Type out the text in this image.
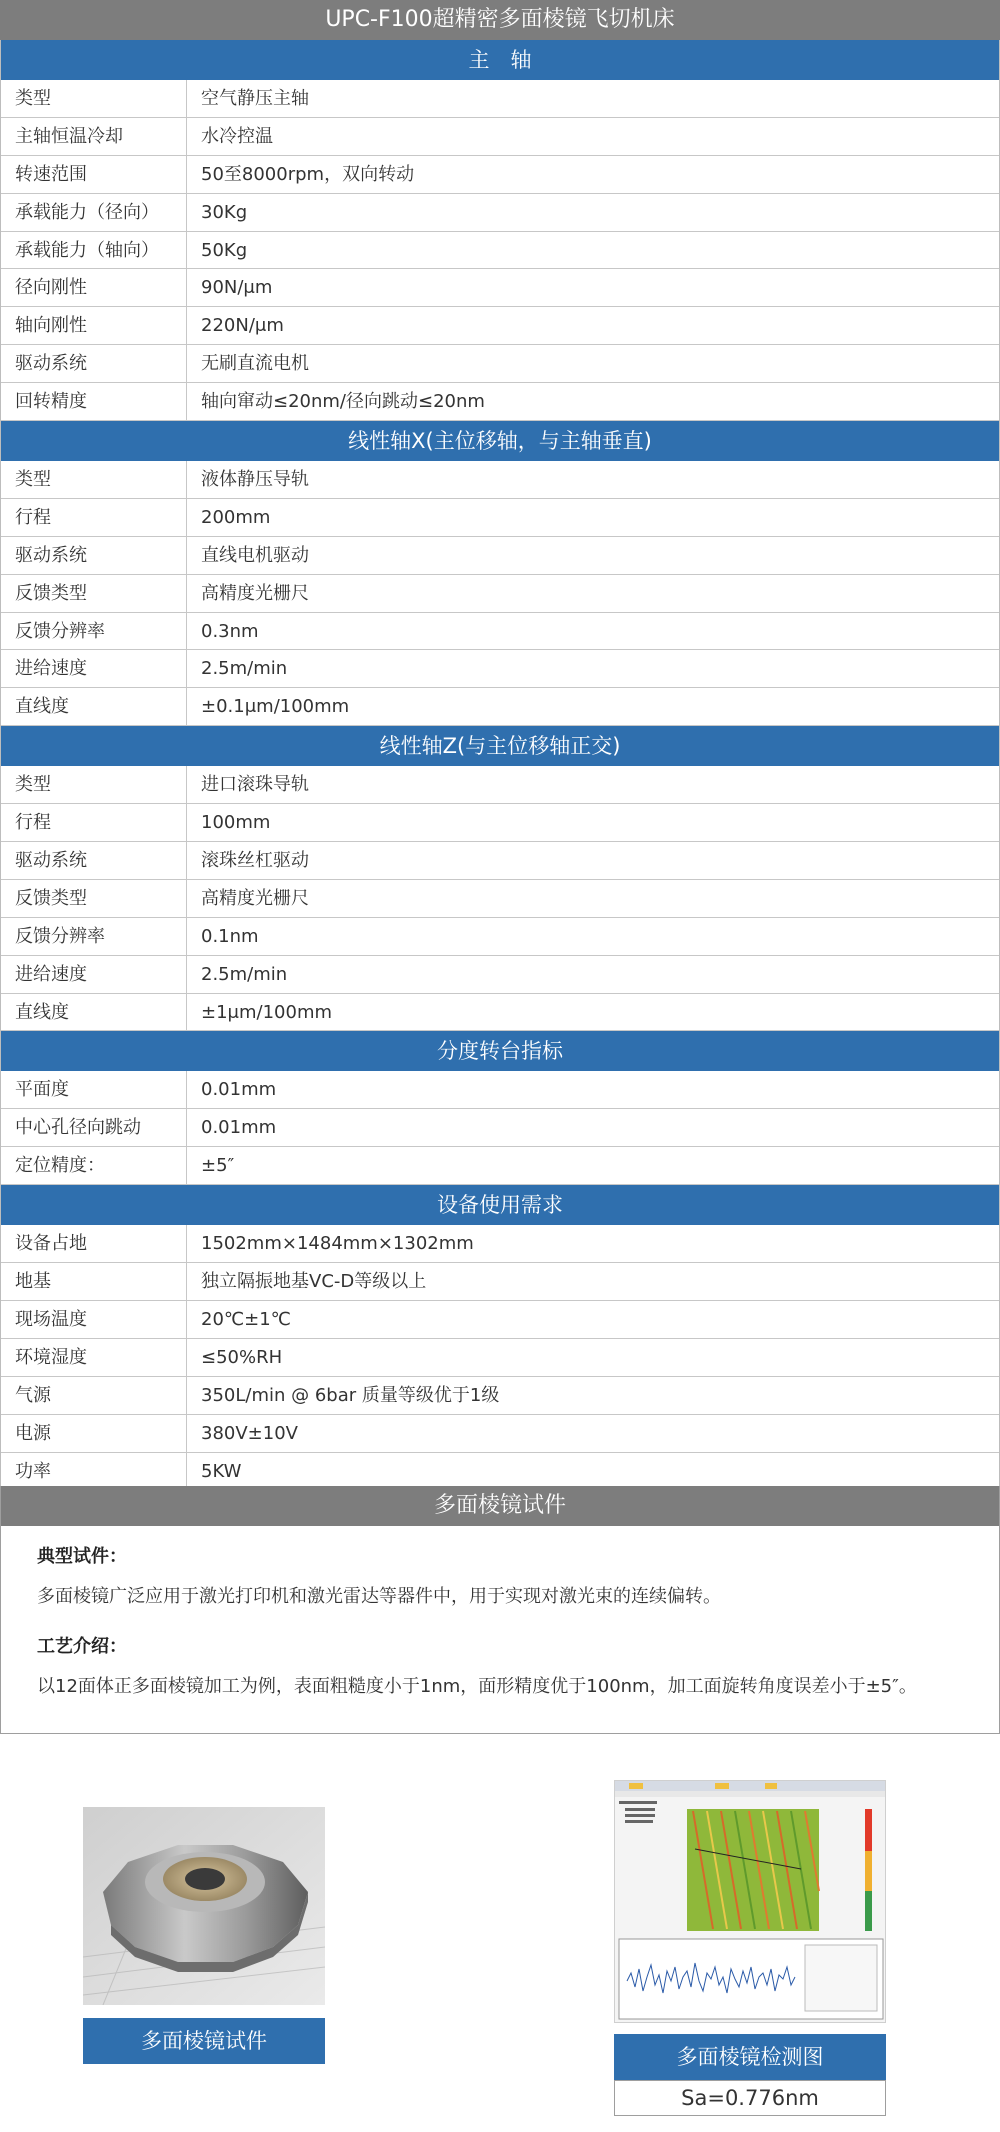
UPC-F100超精密多面棱镜飞切机床
主　轴
类型	空气静压主轴
主轴恒温冷却	水冷控温
转速范围	50至8000rpm，双向转动
承载能力（径向）	30Kg
承载能力（轴向）	50Kg
径向刚性	90N/μm
轴向刚性	220N/μm
驱动系统	无刷直流电机
回转精度	轴向窜动≤20nm/径向跳动≤20nm
线性轴X(主位移轴，与主轴垂直)
类型	液体静压导轨
行程	200mm
驱动系统	直线电机驱动
反馈类型	高精度光栅尺
反馈分辨率	0.3nm
进给速度	2.5m/min
直线度	±0.1μm/100mm
线性轴Z(与主位移轴正交)
类型	进口滚珠导轨
行程	100mm
驱动系统	滚珠丝杠驱动
反馈类型	高精度光栅尺
反馈分辨率	0.1nm
进给速度	2.5m/min
直线度	±1μm/100mm
分度转台指标
平面度	0.01mm
中心孔径向跳动	0.01mm
定位精度：	±5″
设备使用需求
设备占地	1502mm×1484mm×1302mm
地基	独立隔振地基VC-D等级以上
现场温度	20℃±1℃
环境湿度	≤50%RH
气源	350L/min @ 6bar 质量等级优于1级
电源	380V±10V
功率	5KW
多面棱镜试件
典型试件：
多面棱镜广泛应用于激光打印机和激光雷达等器件中，用于实现对激光束的连续偏转。
工艺介绍：
以12面体正多面棱镜加工为例，表面粗糙度小于1nm，面形精度优于100nm，加工面旋转角度误差小于±5″。
多面棱镜试件
多面棱镜检测图
Sa=0.776nm
